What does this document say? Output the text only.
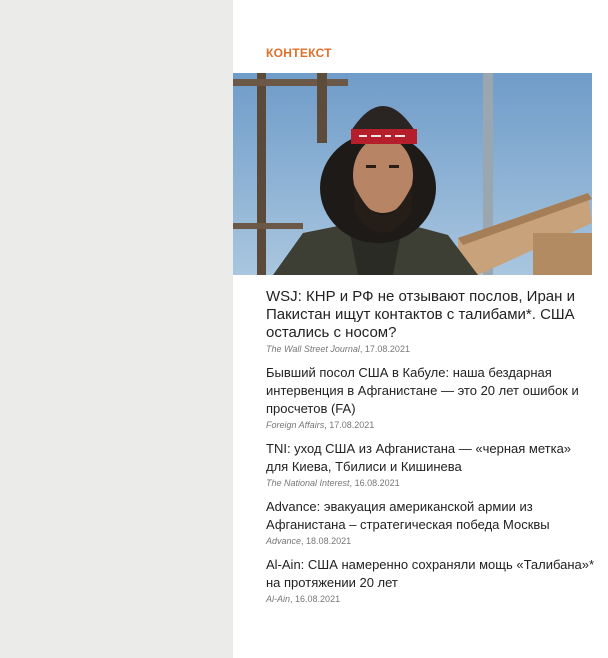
КОНТЕКСТ
WSJ: КНР и РФ не отзывают послов, Иран и Пакистан ищут контактов с талибами*. США остались с носом?
The Wall Street Journal, 17.08.2021
Бывший посол США в Кабуле: наша бездарная интервенция в Афганистане — это 20 лет ошибок и просчетов (FA)
Foreign Affairs, 17.08.2021
TNI: уход США из Афганистана — «черная метка» для Киева, Тбилиси и Кишинева
The National Interest, 16.08.2021
Advance: эвакуация американской армии из Афганистана – стратегическая победа Москвы
Advance, 18.08.2021
Al-Ain: США намеренно сохраняли мощь «Талибана»* на протяжении 20 лет
Al-Ain, 16.08.2021
